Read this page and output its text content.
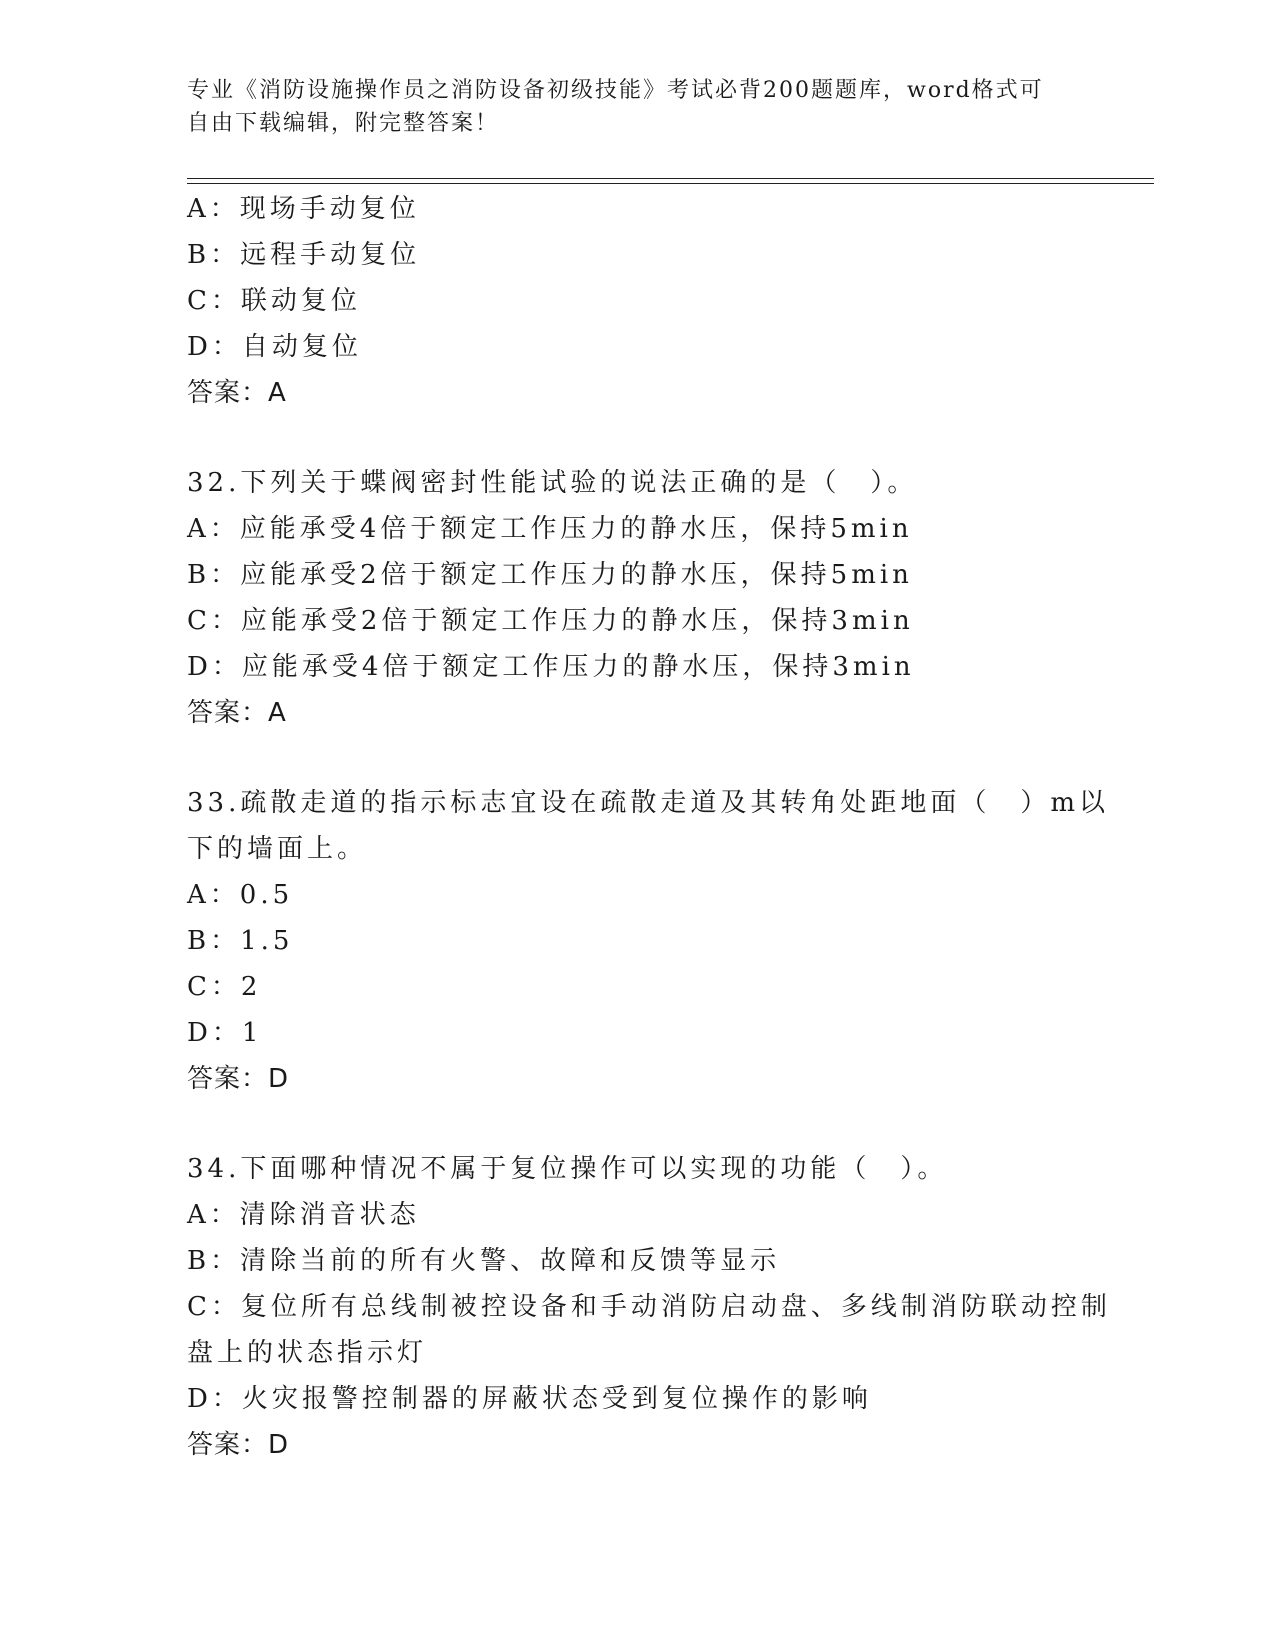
专业《消防设施操作员之消防设备初级技能》考试必背200题题库，word格式可
自由下载编辑，附完整答案！
A：现场手动复位
B：远程手动复位
C：联动复位
D：自动复位
答案：A
32.下列关于蝶阀密封性能试验的说法正确的是（　）。
A：应能承受4倍于额定工作压力的静水压，保持5min
B：应能承受2倍于额定工作压力的静水压，保持5min
C：应能承受2倍于额定工作压力的静水压，保持3min
D：应能承受4倍于额定工作压力的静水压，保持3min
答案：A
33.疏散走道的指示标志宜设在疏散走道及其转角处距地面（　）m以
下的墙面上。
A：0.5
B：1.5
C：2
D：1
答案：D
34.下面哪种情况不属于复位操作可以实现的功能（　）。
A：清除消音状态
B：清除当前的所有火警、故障和反馈等显示
C：复位所有总线制被控设备和手动消防启动盘、多线制消防联动控制
盘上的状态指示灯
D：火灾报警控制器的屏蔽状态受到复位操作的影响
答案：D
